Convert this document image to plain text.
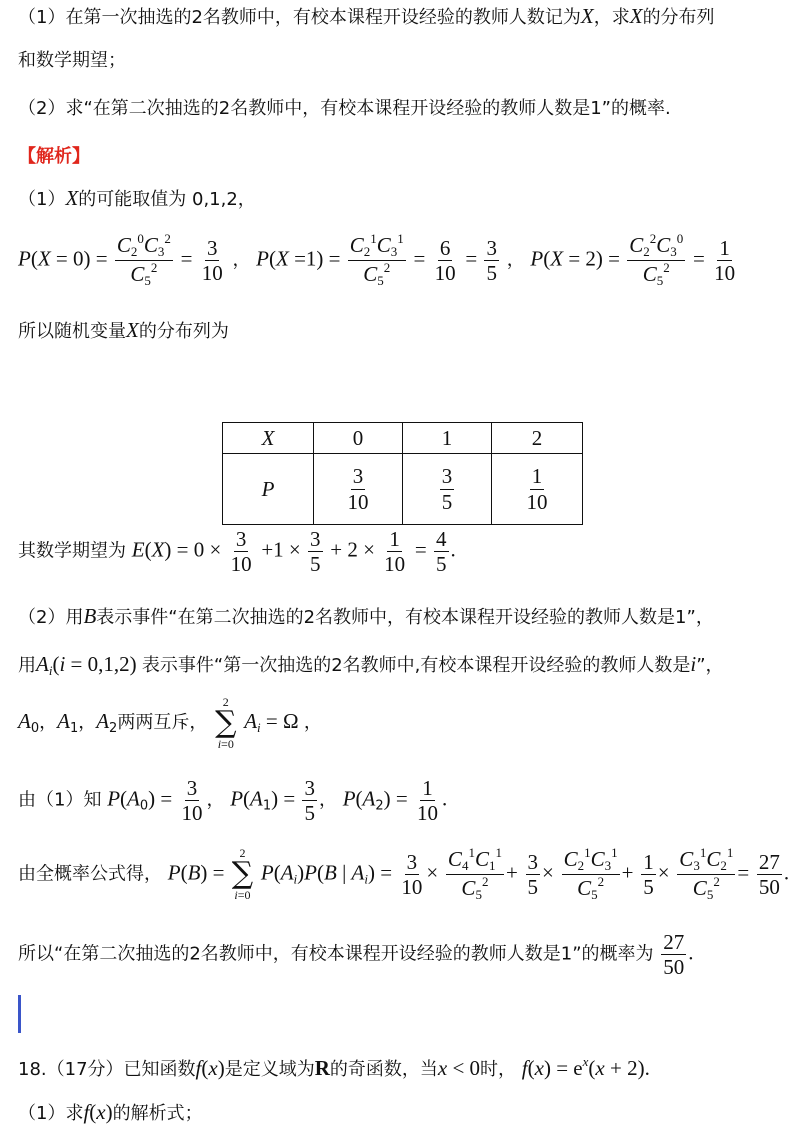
（1）在第一次抽选的2名教师中，有校本课程开设经验的教师人数记为X，求X的分布列
和数学期望；
（2）求“在第二次抽选的2名教师中，有校本课程开设经验的教师人数是1”的概率.
【解析】
（1）X的可能取值为 0,1,2，
$P(X = 0) = \frac{C_2^0C_3^2}{C_5^2} = \frac{3}{10}$ ， $P(X =1) = \frac{C_2^1C_3^1}{C_5^2} = \frac{6}{10} = \frac{3}{5}$ ， $P(X = 2) = \frac{C_2^2C_3^0}{C_5^2} = \frac{1}{10}$
所以随机变量X的分布列为
X	0	1	2
P	$\frac{3}{10}$	$\frac{3}{5}$	$\frac{1}{10}$
其数学期望为 $E(X) = 0 \times \frac{3}{10} +1 \times \frac{3}{5} + 2 \times \frac{1}{10} = \frac{4}{5}$ .
（2）用B表示事件“在第二次抽选的2名教师中，有校本课程开设经验的教师人数是1”，
用$A_i(i = 0,1,2)$ 表示事件“第一次抽选的2名教师中,有校本课程开设经验的教师人数是i”，
$A_0$，$A_1$，$A_2$两两互斥，
2
∑
i=0
$A_i = \Omega$ ，
由（1）知 $P(A_0) = \frac{3}{10}$ ， $P(A_1) = \frac{3}{5}$ ， $P(A_2) = \frac{1}{10}$ .
由全概率公式得， P(B) =
2
∑
i=0
$P(A_i)P(B$ | $A_i) = \frac{3}{10} \times \frac{C_4^1C_1^1}{C_5^2} + \frac{3}{5} \times \frac{C_2^1C_3^1}{C_5^2} + \frac{1}{5} \times \frac{C_3^1C_2^1}{C_5^2} = \frac{27}{50}$ .
所以“在第二次抽选的2名教师中，有校本课程开设经验的教师人数是1”的概率为 $\frac{27}{50}$ .
18.（17分）已知函数f(x)是定义域为R的奇函数，当x < 0时， $f(x) = e^x(x + 2)$.
（1）求f(x)的解析式；
